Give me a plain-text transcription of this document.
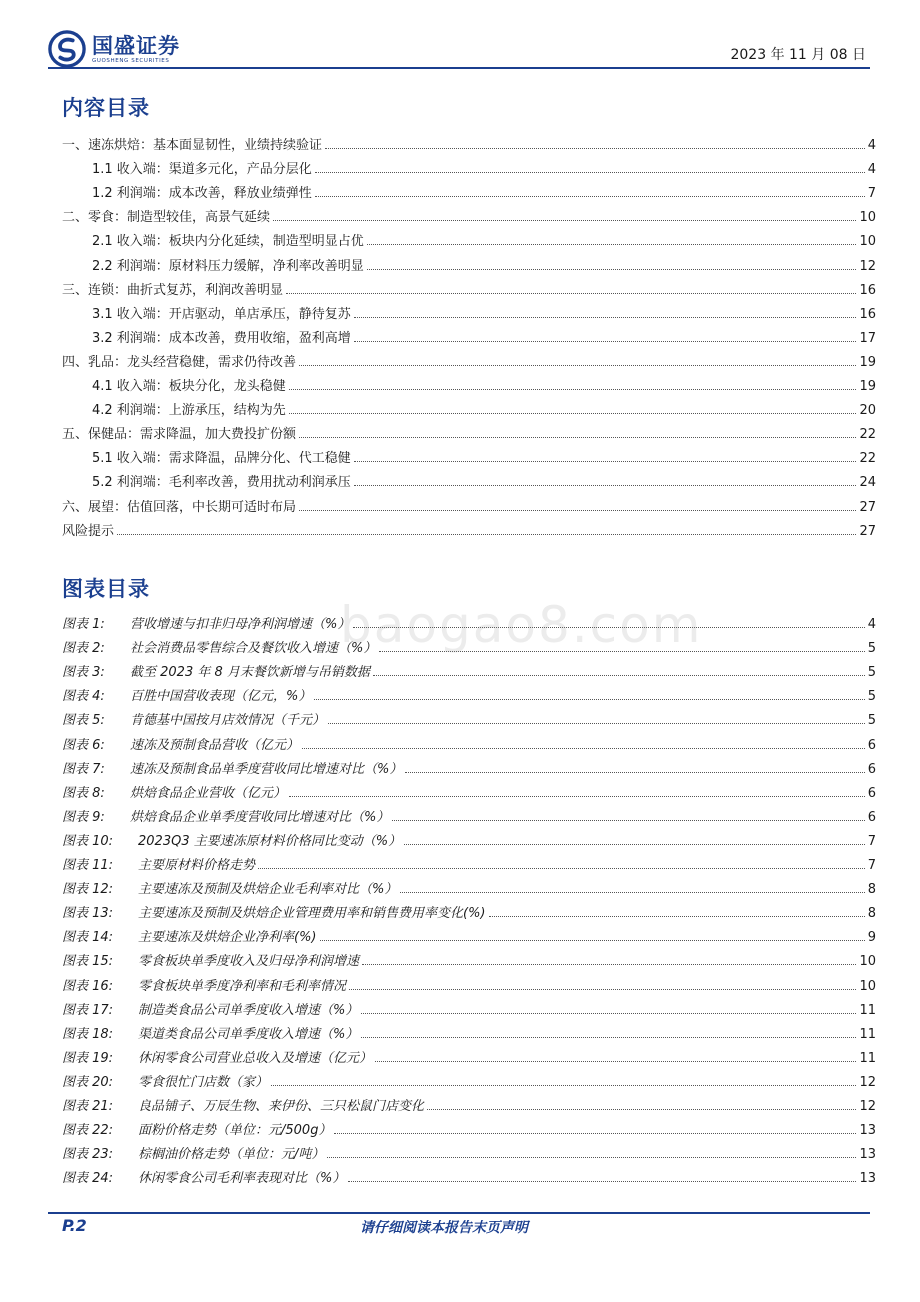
国盛证券
GUOSHENG SECURITIES	2023 年 11 月 08 日
内容目录
一、速冻烘焙：基本面显韧性，业绩持续验证	4
1.1 收入端：渠道多元化，产品分层化	4
1.2 利润端：成本改善，释放业绩弹性	7
二、零食：制造型较佳，高景气延续	10
2.1 收入端：板块内分化延续，制造型明显占优	10
2.2 利润端：原材料压力缓解，净利率改善明显	12
三、连锁：曲折式复苏，利润改善明显	16
3.1 收入端：开店驱动，单店承压，静待复苏	16
3.2 利润端：成本改善，费用收缩，盈利高增	17
四、乳品：龙头经营稳健，需求仍待改善	19
4.1 收入端：板块分化，龙头稳健	19
4.2 利润端：上游承压，结构为先	20
五、保健品：需求降温，加大费投扩份额	22
5.1 收入端：需求降温，品牌分化、代工稳健	22
5.2 利润端：毛利率改善，费用扰动利润承压	24
六、展望：估值回落，中长期可适时布局	27
风险提示	27
图表目录
图表 1:	营收增速与扣非归母净利润增速（%）	4
图表 2:	社会消费品零售综合及餐饮收入增速（%）	5
图表 3:	截至 2023 年 8 月末餐饮新增与吊销数据	5
图表 4:	百胜中国营收表现（亿元，%）	5
图表 5:	肯德基中国按月店效情况（千元）	5
图表 6:	速冻及预制食品营收（亿元）	6
图表 7:	速冻及预制食品单季度营收同比增速对比（%）	6
图表 8:	烘焙食品企业营收（亿元）	6
图表 9:	烘焙食品企业单季度营收同比增速对比（%）	6
图表 10:	2023Q3 主要速冻原材料价格同比变动（%）	7
图表 11:	主要原材料价格走势	7
图表 12:	主要速冻及预制及烘焙企业毛利率对比（%）	8
图表 13:	主要速冻及预制及烘焙企业管理费用率和销售费用率变化(%)	8
图表 14:	主要速冻及烘焙企业净利率(%)	9
图表 15:	零食板块单季度收入及归母净利润增速	10
图表 16:	零食板块单季度净利率和毛利率情况	10
图表 17:	制造类食品公司单季度收入增速（%）	11
图表 18:	渠道类食品公司单季度收入增速（%）	11
图表 19:	休闲零食公司营业总收入及增速（亿元）	11
图表 20:	零食很忙门店数（家）	12
图表 21:	良品铺子、万辰生物、来伊份、三只松鼠门店变化	12
图表 22:	面粉价格走势（单位：元/500g）	13
图表 23:	棕榈油价格走势（单位：元/吨）	13
图表 24:	休闲零食公司毛利率表现对比（%）	13
baogao8.com
P.2	请仔细阅读本报告末页声明
